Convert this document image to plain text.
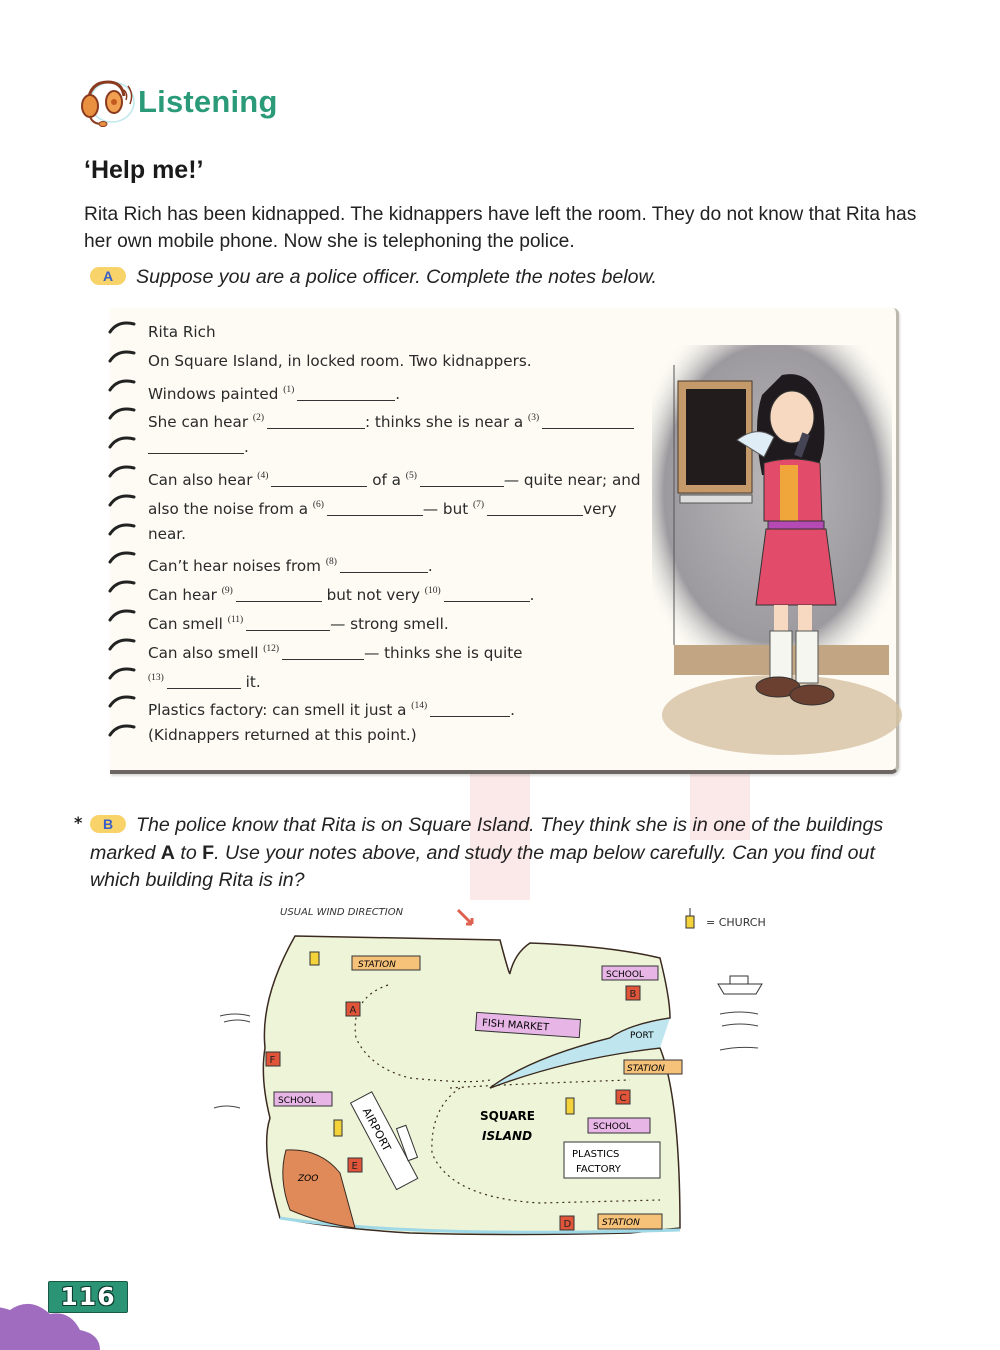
Listening
‘Help me!’
Rita Rich has been kidnapped. The kidnappers have left the room. They do not know that Rita has her own mobile phone. Now she is telephoning the police.
A Suppose you are a police officer. Complete the notes below.
Rita Rich
On Square Island, in locked room. Two kidnappers.
Windows painted $^{(1)}$	.
She can hear $^{(2)}$	: thinks she is near a $^{(3)}$
.
Can also hear $^{(4)}$	of a $^{(5)}$	— quite near; and
also the noise from a $^{(6)}$	— but $^{(7)}$	very
near.
Can’t hear noises from $^{(8)}$	.
Can hear $^{(9)}$	but not very $^{(10)}$	.
Can smell $^{(11)}$	— strong smell.
Can also smell $^{(12)}$	— thinks she is quite
$^{(13)}$	it.
Plastics factory: can smell it just a $^{(14)}$	.
(Kidnappers returned at this point.)
*	B The police know that Rita is on Square Island. They think she is in one of the buildings marked A to F. Use your notes above, and study the map below carefully. Can you find out which building Rita is in?
ZOO
USUAL WIND DIRECTION
= CHURCH
STATION
SCHOOL
FISH MARKET
PORT
STATION
SCHOOL
SCHOOL
PLASTICS
FACTORY
STATION
AIRPORT	SQUARE
ISLAND
A
B
C
D
E
F
116
